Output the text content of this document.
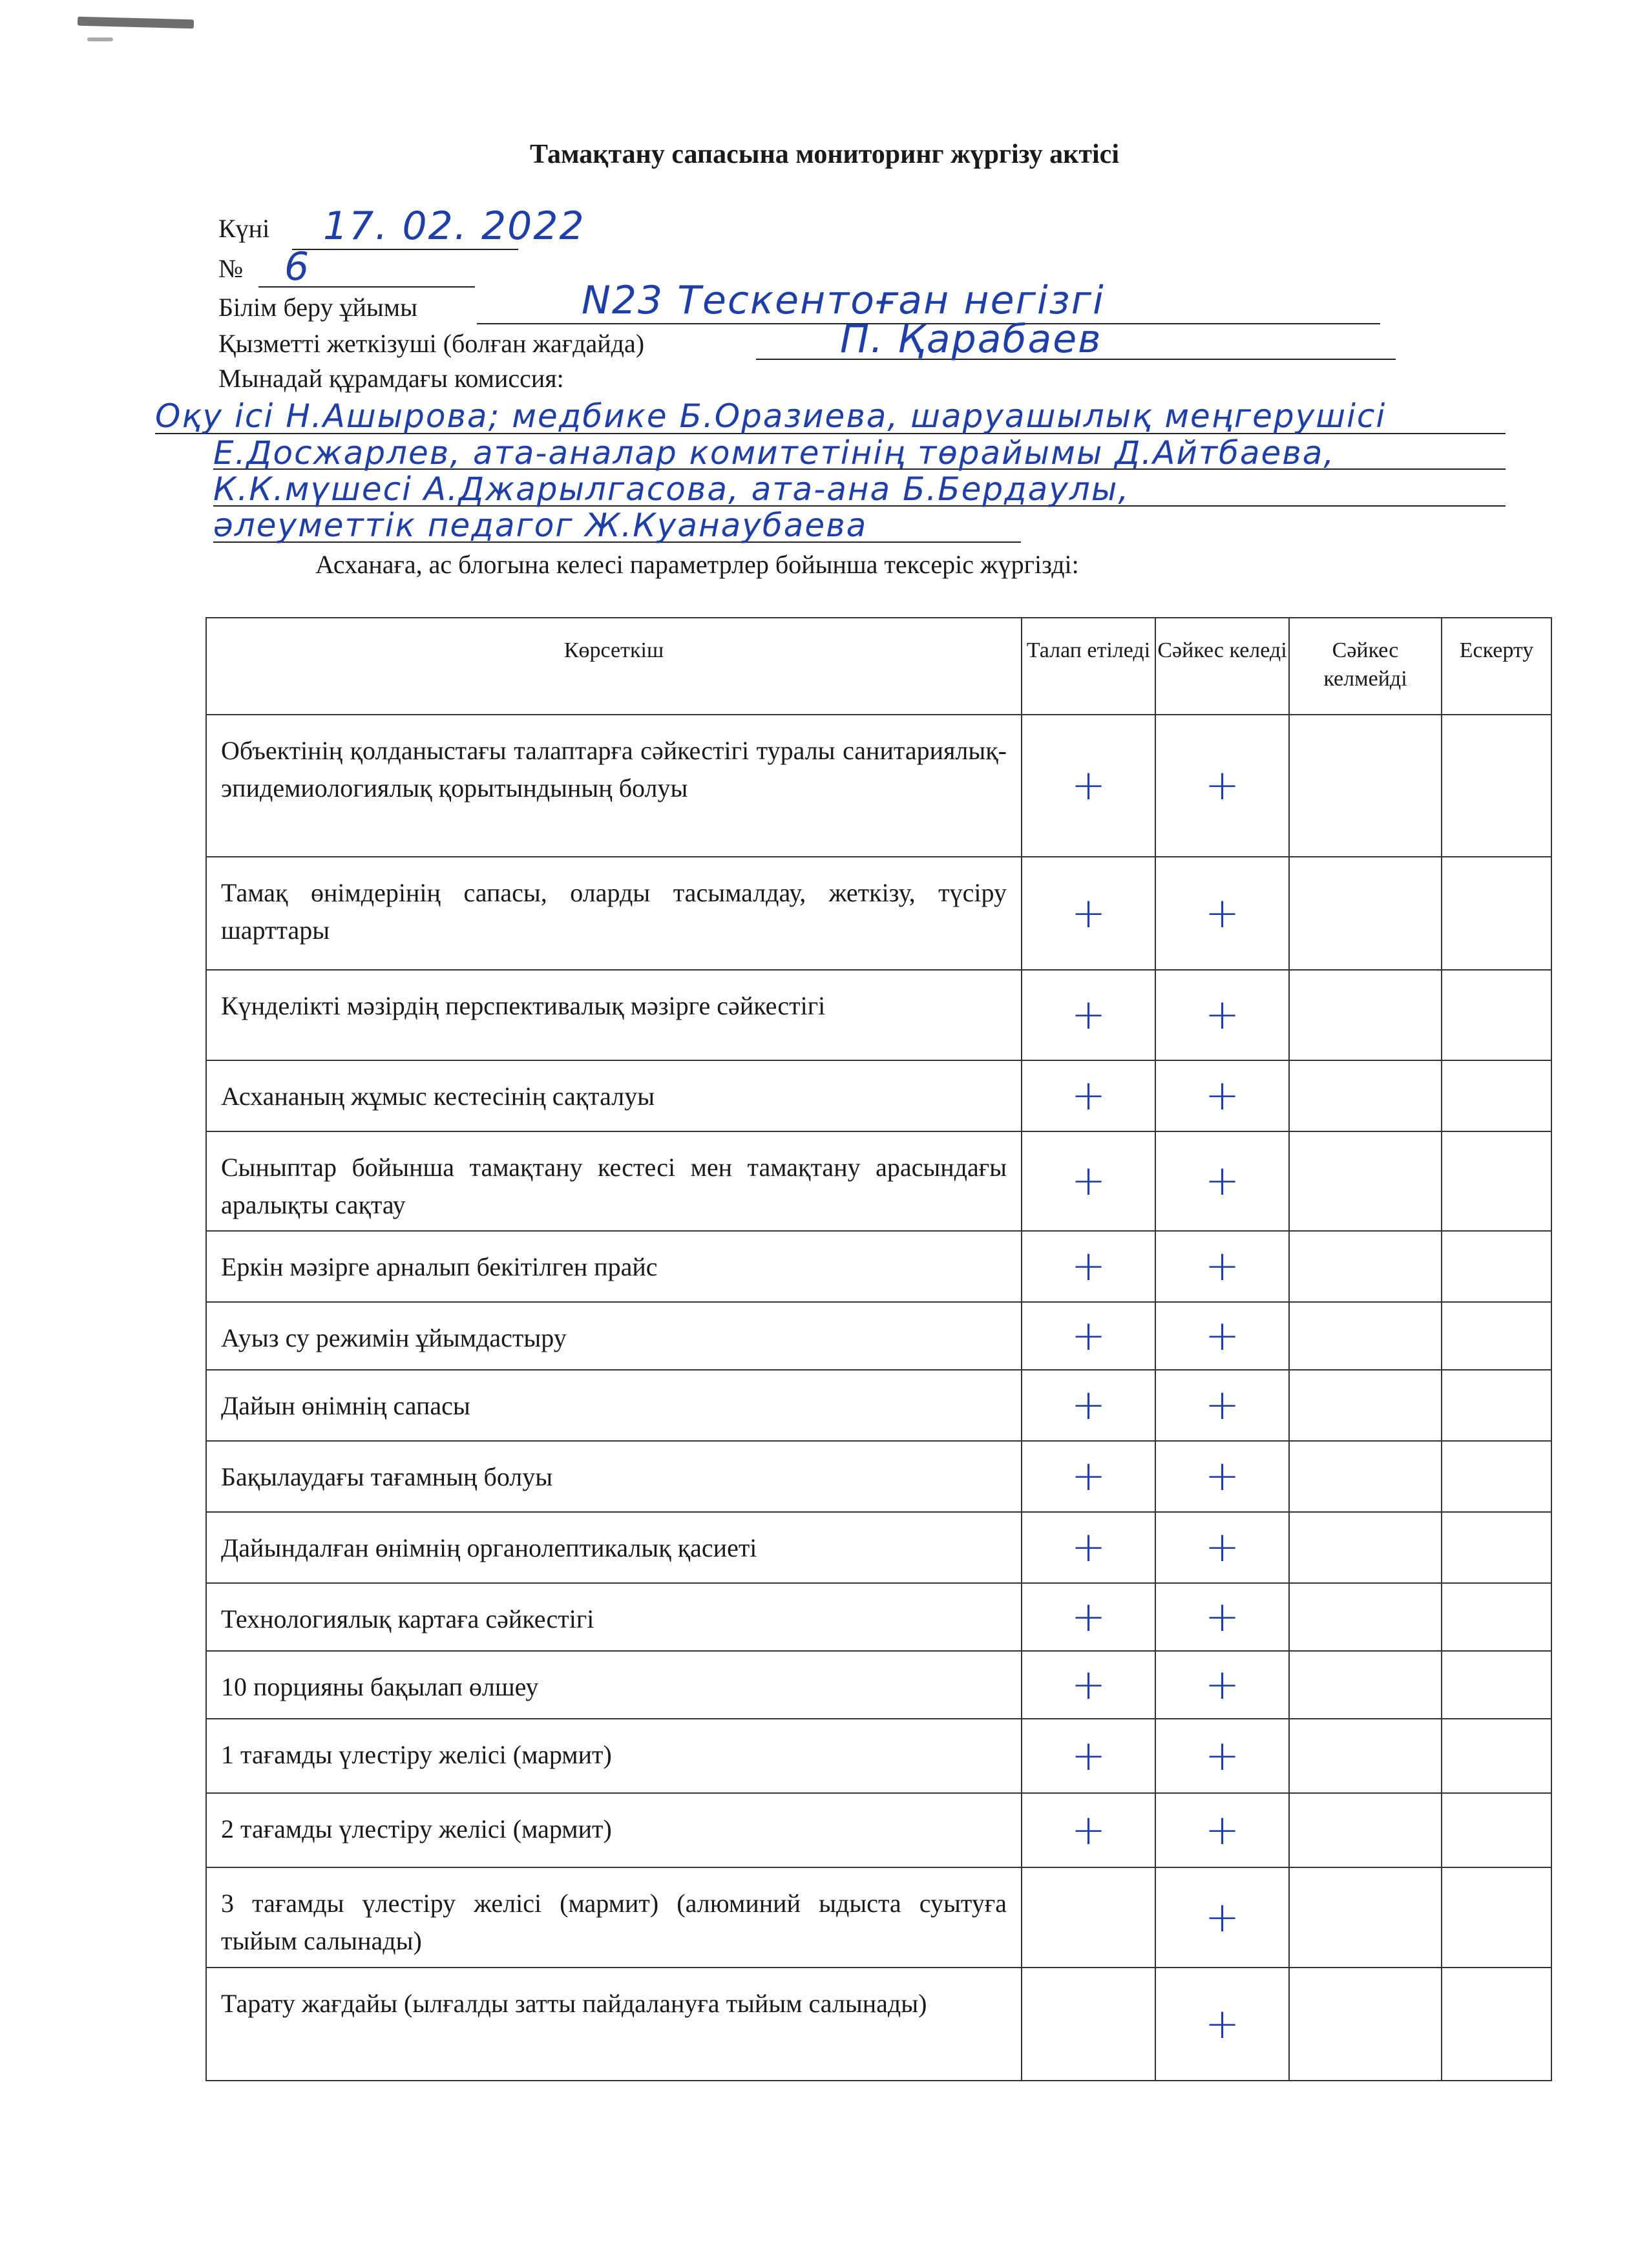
Тамақтану сапасына мониторинг жүргізу актісі
Күні 17. 02. 2022
№ 6
Білім беру ұйымы	N23 Тескентоған негізгі
Қызметті жеткізуші (болған жағдайда)	П. Қарабаев
Мынадай құрамдағы комиссия:
Оқу ісі Н.Ашырова; медбике Б.Оразиева, шаруашылық меңгерушісі
Е.Досжарлев, ата-аналар комитетінің төрайымы Д.Айтбаева,
К.К.мүшесі А.Джарылгасова, ата-ана Б.Бердаулы,
әлеуметтік педагог Ж.Куанаубаева
Асханаға, ас блогына келесі параметрлер бойынша тексеріс жүргізді:
Көрсеткіш	Талап етіледі	Сәйкес келеді	Сәйкес келмейді	Ескерту
Объектінің қолданыстағы талаптарға сәйкестігі туралы санитариялық-эпидемиологиялық қорытындының болуы	+	+		
Тамақ өнімдерінің сапасы, оларды тасымалдау, жеткізу, түсіру шарттары	+	+		
Күнделікті мәзірдің перспективалық мәзірге сәйкестігі	+	+		
Асхананың жұмыс кестесінің сақталуы	+	+		
Сыныптар бойынша тамақтану кестесі мен тамақтану арасындағы аралықты сақтау	+	+		
Еркін мәзірге арналып бекітілген прайс	+	+		
Ауыз су режимін ұйымдастыру	+	+		
Дайын өнімнің сапасы	+	+		
Бақылаудағы тағамның болуы	+	+		
Дайындалған өнімнің органолептикалық қасиеті	+	+		
Технологиялық картаға сәйкестігі	+	+		
10 порцияны бақылап өлшеу	+	+		
1 тағамды үлестіру желісі (мармит)	+	+		
2 тағамды үлестіру желісі (мармит)	+	+		
3 тағамды үлестіру желісі (мармит) (алюминий ыдыста суытуға тыйым салынады)		+		
Тарату жағдайы (ылғалды затты пайдалануға тыйым салынады)		+		
